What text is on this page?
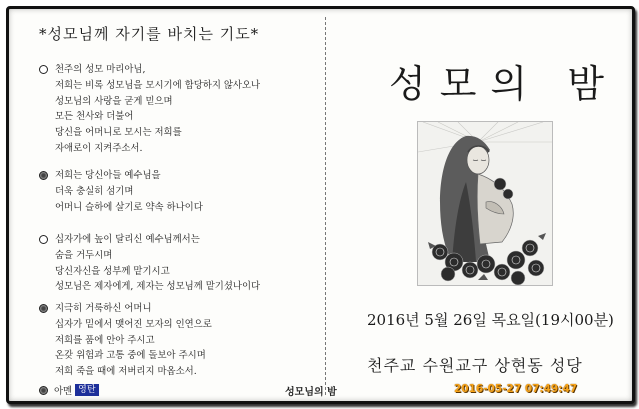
*성모님께 자기를 바치는 기도*
천주의 성모 마리아님,
저희는 비록 성모님을 모시기에 합당하지 않사오나
성모님의 사랑을 굳게 믿으며
모든 천사와 더불어
당신을 어머니로 모시는 저희를
자애로이 지켜주소서.
저희는 당신아들 예수님을
더욱 충실히 섬기며
어머니 슬하에 살기로 약속 하나이다
십자가에 높이 달리신 예수님께서는
숨을 거두시며
당신자신을 성부께 맡기시고
성모님은 제자에게, 제자는 성모님께 맡기셨나이다
지극히 거룩하신 어머니
십자가 밑에서 맺어진 모자의 인연으로
저희를 품에 안아 주시고
온갖 위험과 고통 중에 돌보아 주시며
저희 죽을 때에 저버리지 마옵소서.
아멘 영탄	성모님의 밤	2016-05-27 07:49:47
성모의 밤
2016년 5월 26일 목요일(19시00분)
천주교 수원교구 상현동 성당
